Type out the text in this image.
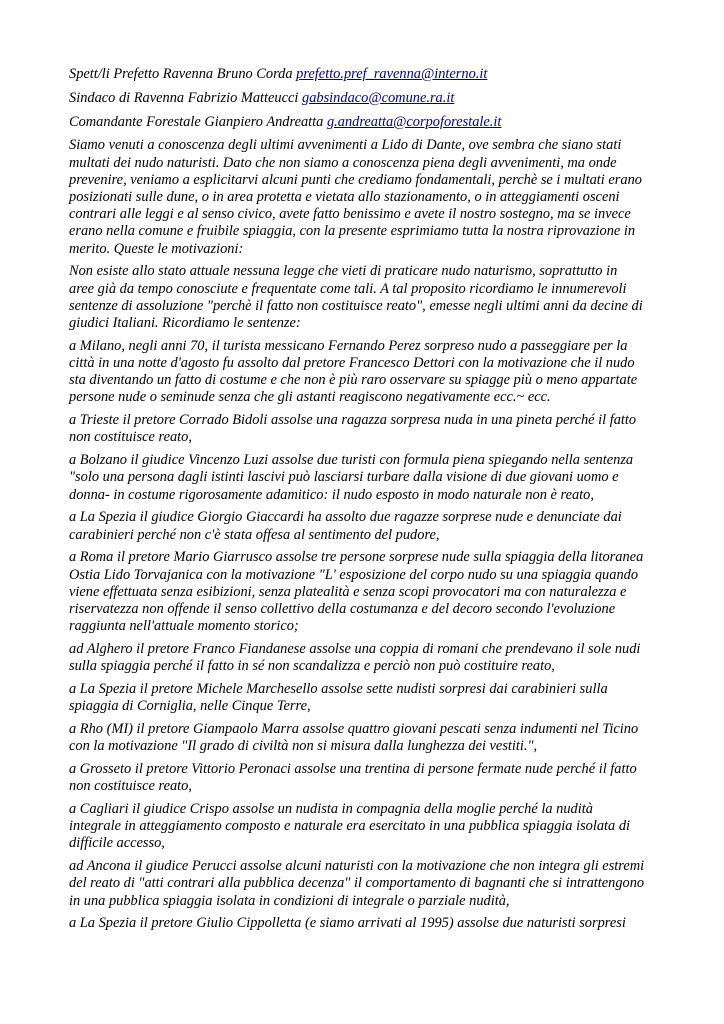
Spett/li Prefetto Ravenna Bruno Corda prefetto.pref_ravenna@interno.it
Sindaco di Ravenna Fabrizio Matteucci gabsindaco@comune.ra.it
Comandante Forestale Gianpiero Andreatta g.andreatta@corpoforestale.it
Siamo venuti a conoscenza degli ultimi avvenimenti a Lido di Dante, ove sembra che siano stati
multati dei nudo naturisti. Dato che non siamo a conoscenza piena degli avvenimenti, ma onde
prevenire, veniamo a esplicitarvi alcuni punti che crediamo fondamentali, perchè se i multati erano
posizionati sulle dune, o in area protetta e vietata allo stazionamento, o in atteggiamenti osceni
contrari alle leggi e al senso civico, avete fatto benissimo e avete il nostro sostegno, ma se invece
erano nella comune e fruibile spiaggia, con la presente esprimiamo tutta la nostra riprovazione in
merito. Queste le motivazioni:
Non esiste allo stato attuale nessuna legge che vieti di praticare nudo naturismo, soprattutto in
aree già da tempo conosciute e frequentate come tali. A tal proposito ricordiamo le innumerevoli
sentenze di assoluzione "perchè il fatto non costituisce reato", emesse negli ultimi anni da decine di
giudici Italiani. Ricordiamo le sentenze:
a Milano, negli anni 70, il turista messicano Fernando Perez sorpreso nudo a passeggiare per la
città in una notte d'agosto fu assolto dal pretore Francesco Dettori con la motivazione che il nudo
sta diventando un fatto di costume e che non è più raro osservare su spiagge più o meno appartate
persone nude o seminude senza che gli astanti reagiscono negativamente ecc.~ ecc.
a Trieste il pretore Corrado Bidoli assolse una ragazza sorpresa nuda in una pineta perché il fatto
non costituisce reato,
a Bolzano il giudice Vincenzo Luzi assolse due turisti con formula piena spiegando nella sentenza
"solo una persona dagli istinti lascivi può lasciarsi turbare dalla visione di due giovani uomo e
donna- in costume rigorosamente adamitico: il nudo esposto in modo naturale non è reato,
a La Spezia il giudice Giorgio Giaccardi ha assolto due ragazze sorprese nude e denunciate dai
carabinieri perché non c'è stata offesa al sentimento del pudore,
a Roma il pretore Mario Giarrusco assolse tre persone sorprese nude sulla spiaggia della litoranea
Ostia Lido Torvajanica con la motivazione "L' esposizione del corpo nudo su una spiaggia quando
viene effettuata senza esibizioni, senza platealità e senza scopi provocatori ma con naturalezza e
riservatezza non offende il senso collettivo della costumanza e del decoro secondo l'evoluzione
raggiunta nell'attuale momento storico;
ad Alghero il pretore Franco Fiandanese assolse una coppia di romani che prendevano il sole nudi
sulla spiaggia perché il fatto in sé non scandalizza e perciò non può costituire reato,
a La Spezia il pretore Michele Marchesello assolse sette nudisti sorpresi dai carabinieri sulla
spiaggia di Corniglia, nelle Cinque Terre,
a Rho (MI) il pretore Giampaolo Marra assolse quattro giovani pescati senza indumenti nel Ticino
con la motivazione "Il grado di civiltà non si misura dalla lunghezza dei vestiti.",
a Grosseto il pretore Vittorio Peronaci assolse una trentina di persone fermate nude perché il fatto
non costituisce reato,
a Cagliari il giudice Crispo assolse un nudista in compagnia della moglie perché la nudità
integrale in atteggiamento composto e naturale era esercitato in una pubblica spiaggia isolata di
difficile accesso,
ad Ancona il giudice Perucci assolse alcuni naturisti con la motivazione che non integra gli estremi
del reato di "atti contrari alla pubblica decenza" il comportamento di bagnanti che si intrattengono
in una pubblica spiaggia isolata in condizioni di integrale o parziale nudità,
a La Spezia il pretore Giulio Cippolletta (e siamo arrivati al 1995) assolse due naturisti sorpresi
